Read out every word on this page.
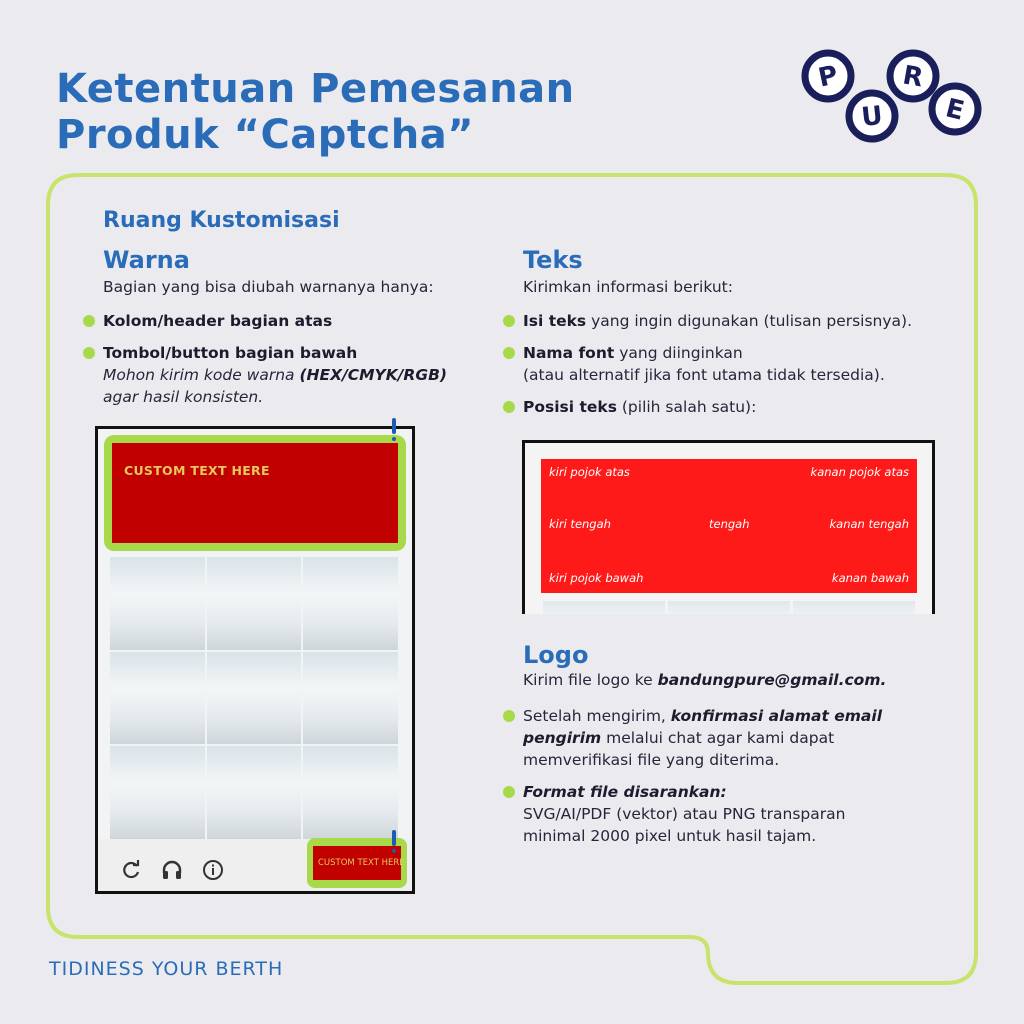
Ketentuan Pemesanan
Produk “Captcha”
P
U
R
E
Ruang Kustomisasi
Warna
Bagian yang bisa diubah warnanya hanya:
Kolom/header bagian atas
Tombol/button bagian bawah
Mohon kirim kode warna (HEX/CMYK/RGB)
agar hasil konsisten.
CUSTOM TEXT HERE
CUSTOM TEXT HERE
Teks
Kirimkan informasi berikut:
Isi teks yang ingin digunakan (tulisan persisnya).
Nama font yang diinginkan
(atau alternatif jika font utama tidak tersedia).
Posisi teks (pilih salah satu):
kiri pojok atas	kanan pojok atas
kiri tengah	tengah	kanan tengah
kiri pojok bawah	kanan bawah
Logo
Kirim file logo ke bandungpure@gmail.com.
Setelah mengirim, konfirmasi alamat email
pengirim melalui chat agar kami dapat
memverifikasi file yang diterima.
Format file disarankan:
SVG/AI/PDF (vektor) atau PNG transparan
minimal 2000 pixel untuk hasil tajam.
TIDINESS YOUR BERTH
